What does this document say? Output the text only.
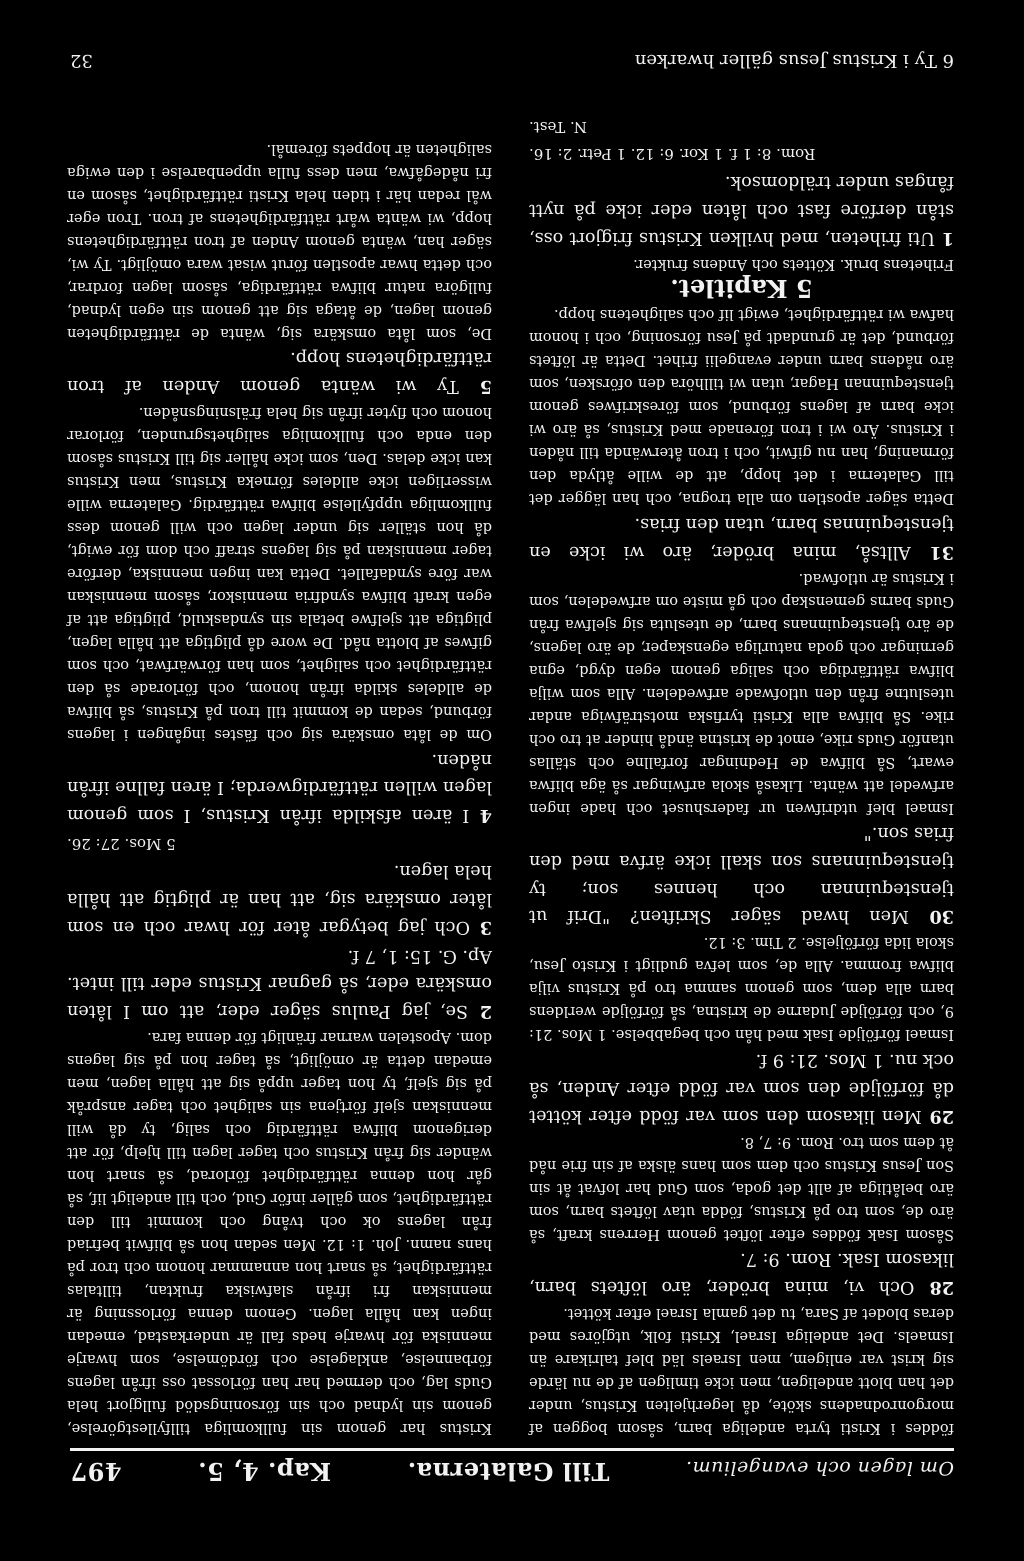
Om lagen och evangelium.
Till Galaterna.
Kap. 4, 5.
497

föddes i Kristi tyrta andeliga barn, såsom boggen af morgonrodnadens sköte, då legerhjelten Kristus, under det han blott andeligen, men icke timligen af de nu lärde sig krist var enligem, men Israels läd blef talrikare än Ismaels. Det andeliga Israel, Kristi folk, utgjöres med deras blodet af Sara, tu det gamla Israel efter köttet.

28 Och vi, mina bröder, äro löftets barn, likasom Isak. Rom. 9: 7.

Såsom Isak föddes efter löftet genom Herrens kraft, så äro de, som tro på Kristus, födda utav löftets barn, som äro belåtliga af allt det goda, som Gud har lofvat åt sin Son Jesus Kristus och dem som hans älska af sin frie nåd åt dem som tro. Rom. 9: 7, 8.

29 Men likasom den som var född efter köttet då förföljde den som var född efter Anden, så ock nu. 1 Mos. 21: 9 f.

Ismael förföljde Isak med hån och begabbelse. 1 Mos. 21: 9, och förföljde Judarne de kristna, så förföljde werldens barn alla dem, som genom samma tro på Kristus vilja blifwa fromma. Alla de, som lefva gudligt i Kristo Jesu, skola lida förföljelse. 2 Tim. 3: 12.

30 Men hwad säger Skriften? "Drif ut tjenstequinnan och hennes son; ty tjenstequinnans son skall icke ärfva med den frias son."

Ismael blef utdrifwen ur fadershuset och hade ingen arfwedel att wänta. Likaså skola arfwingar så äga blifwa ewart, Så blifwa de Hedningar forfallne och ställas utanför Guds rike, emot de kristna ändå hinder at tro och rike. Så blifwa alla Kristi tyrfiska motsträfwiga andar uteslutne från den utlofwade arfwedelen. Alla som wilja blifwa rättfärdiga och saliga genom egen dygd, egna gerningar och goda naturliga egenskaper, de äro lagens, de äro tjenstequinnans barn, de utesluta sig sjelfwa från Guds barns gemenskap och gå miste om arfwedelen, som i Kristus är utlofwad.

31 Alltså, mina bröder, äro wi icke en tjenstequinnas barn, utan den frias.

Detta säger apostlen om alla trogna, och han lägger det till Galaterna i det hopp, att de wille åtlyda den förmaning, han nu gifwit, och i tron återwända till nåden i Kristus. Äro wi i tron förenade med Kristus, så äro wi icke barn af lagens förbund, som föreskrifwes genom tjenstequinnan Hagar, utan wi tillhöra den oförsken, som äro nådens barn under evangelii frihet. Detta är löftets förbund, det är grundadt på Jesu försoning, och i honom hafwa wi rättfärdighet, ewigt lif och salighetens hopp.

5 Kapitlet.

Frihetens bruk. Köttets och Andens frukter.

1 Uti friheten, med hvilken Kristus frigjort oss, stån derföre fast och låten eder icke på nytt fångas under träldomsok.

Rom. 8: 1 f. 1 Kor. 6: 12. 1 Petr. 2: 16.

N. Test.

Kristus har genom sin fullkomliga tillfyllestgörelse, genom sin lydnad och sin försoningsdöd fullgjort hela Guds lag, och dermed har han förlossat oss ifrån lagens förbannelse, anklagelse och fördömelse, som hwarje menniska för hwarje heds fall är underkastad, emedan ingen kan hålla lagen. Genom denna förlossning är menniskan fri ifrån slafwiska fruktan, tilltalas rättfärdighet, så snart hon annammar honom och tror på hans namn. Joh. 1: 12. Men sedan hon så blifwit befriad från lagens ok och tvång och kommit till den rättfärdighet, som gäller inför Gud, och till andeligt lif, så går hon denna rättfärdighet förlorad, så snart hon wänder sig från Kristus och tager lagen till hjelp, för att derigenom blifwa rättfärdig och salig, ty då will menniskan sjelf förtjena sin salighet och tager anspråk på sig sjelf, ty hon tager uppå sig att hålla lagen, men emedan detta är omöjligt, så tager hon på sig lagens dom. Apostelen warnar fränligt för denna fara.

2 Se, jag Paulus säger eder, att om I låten omskära eder, så gagnar Kristus eder till intet. Ap. G. 15: 1, 7 f.

3 Och jag betygar åter för hwar och en som låter omskära sig, att han är pligtig att hålla hela lagen.

5 Mos. 27: 26.

4 I ären afskilda ifrån Kristus, I som genom lagen willen rättfärdigwerda; I ären fallne ifrån nåden.

Om de låta omskära sig och fästes ingången i lagens förbund, sedan de kommit till tron på Kristus, så blifwa de alldeles skilda ifrån honom, och förlorade så den rättfärdighet och salighet, som han förwärfwat, och som gifwes af blotta nåd. De wore då pligtiga att hålla lagen, pligtiga att sjelfwe betala sin syndaskuld, pligtiga att af egen kraft blifwa syndfria menniskor, såsom menniskan war före syndafallet. Detta kan ingen menniska, derföre tager menniskan på sig lagens straff och dom för ewigt, då hon ställer sig under lagen och will genom dess fullkomliga uppfyllelse blifwa rättfärdig. Galaterna wille wisserligen icke alldeles förneka Kristus, men Kristus kan icke delas. Den, som icke håller sig till Kristus såsom den enda och fullkomliga salighetsgrunden, förlorar honom och flyter ifrån sig hela frälsningsnåden.

5 Ty wi wänta genom Anden af tron rättfärdighetens hopp.

De, som låta omskära sig, wänta de rättfärdigheten genom lagen, de åtaga sig att genom sin egen lydnad, fullgöra natur blifwa rättfärdiga, såsom lagen fordrar, och detta hwar apostlen förut wisat wara omöjligt. Ty wi, säger han, wänta genom Anden af tron rättfärdighetens hopp, wi wänta wårt rättfärdighetens af tron. Tron eger wål redan här i tiden hela Kristi rättfärdighet, såsom en fri nådegåfwa, men dess fulla uppenbarelse i den ewiga saligheten är hoppets föremål.

6 Ty i Kristus Jesus gäller hwarken
32
